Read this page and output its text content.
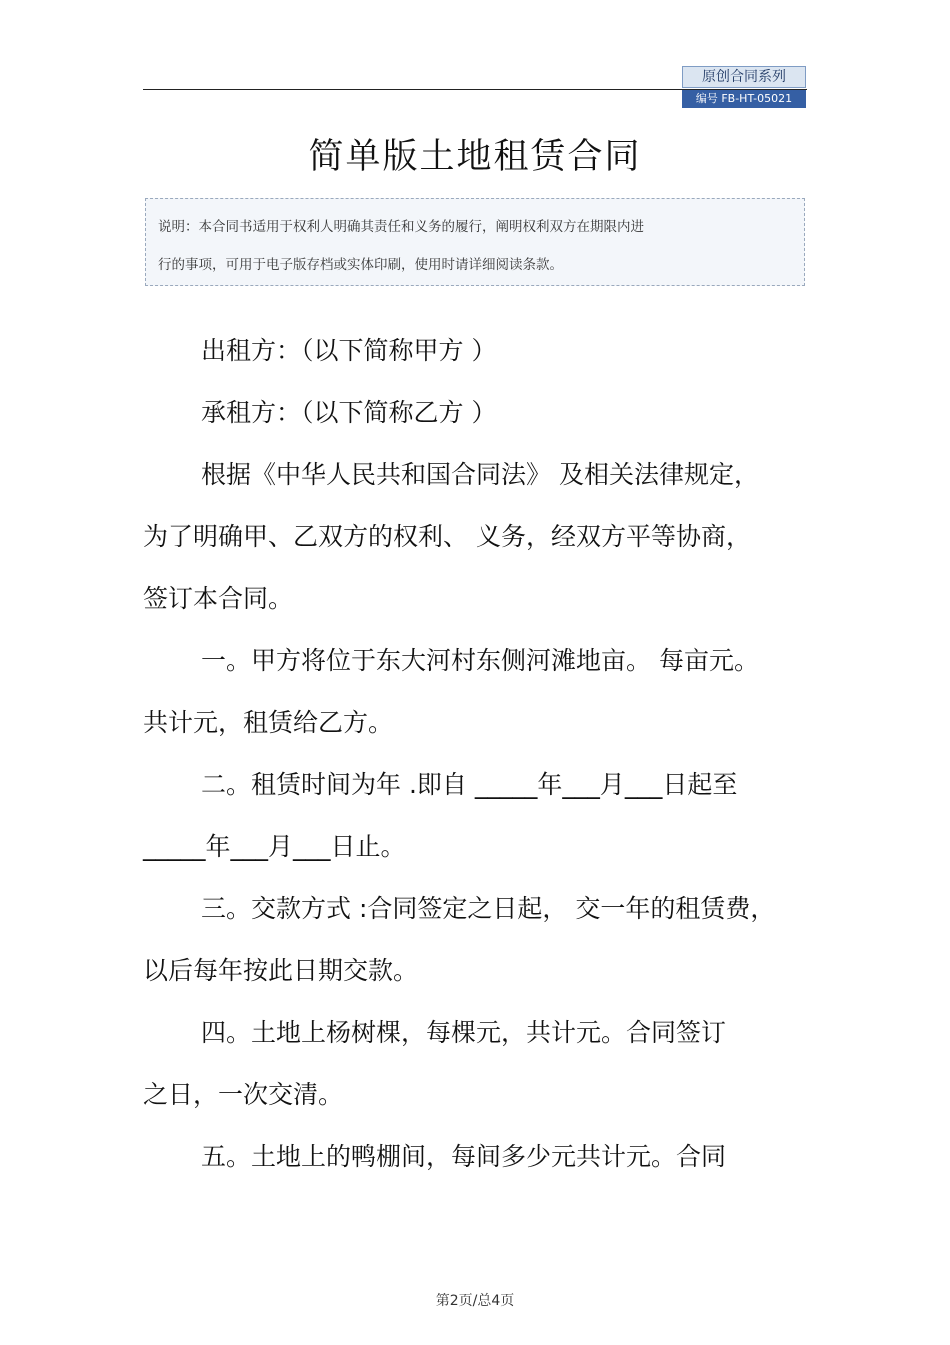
原创合同系列
编号 FB-HT-05021
简单版土地租赁合同
说明：本合同书适用于权利人明确其责任和义务的履行，阐明权利双方在期限内进
行的事项，可用于电子版存档或实体印刷，使用时请详细阅读条款。
出租方：（以下简称甲方 ）
承租方：（以下简称乙方 ）
根据《中华人民共和国合同法》 及相关法律规定，
为了明确甲、乙双方的权利、 义务，经双方平等协商，
签订本合同。
一。甲方将位于东大河村东侧河滩地亩。 每亩元。
共计元，租赁给乙方。
二。租赁时间为年 .即自 _____年___月___日起至
_____年___月___日止。
三。交款方式 :合同签定之日起， 交一年的租赁费，
以后每年按此日期交款。
四。土地上杨树棵，每棵元，共计元。合同签订
之日，一次交清。
五。土地上的鸭棚间，每间多少元共计元。合同
第2页/总4页
